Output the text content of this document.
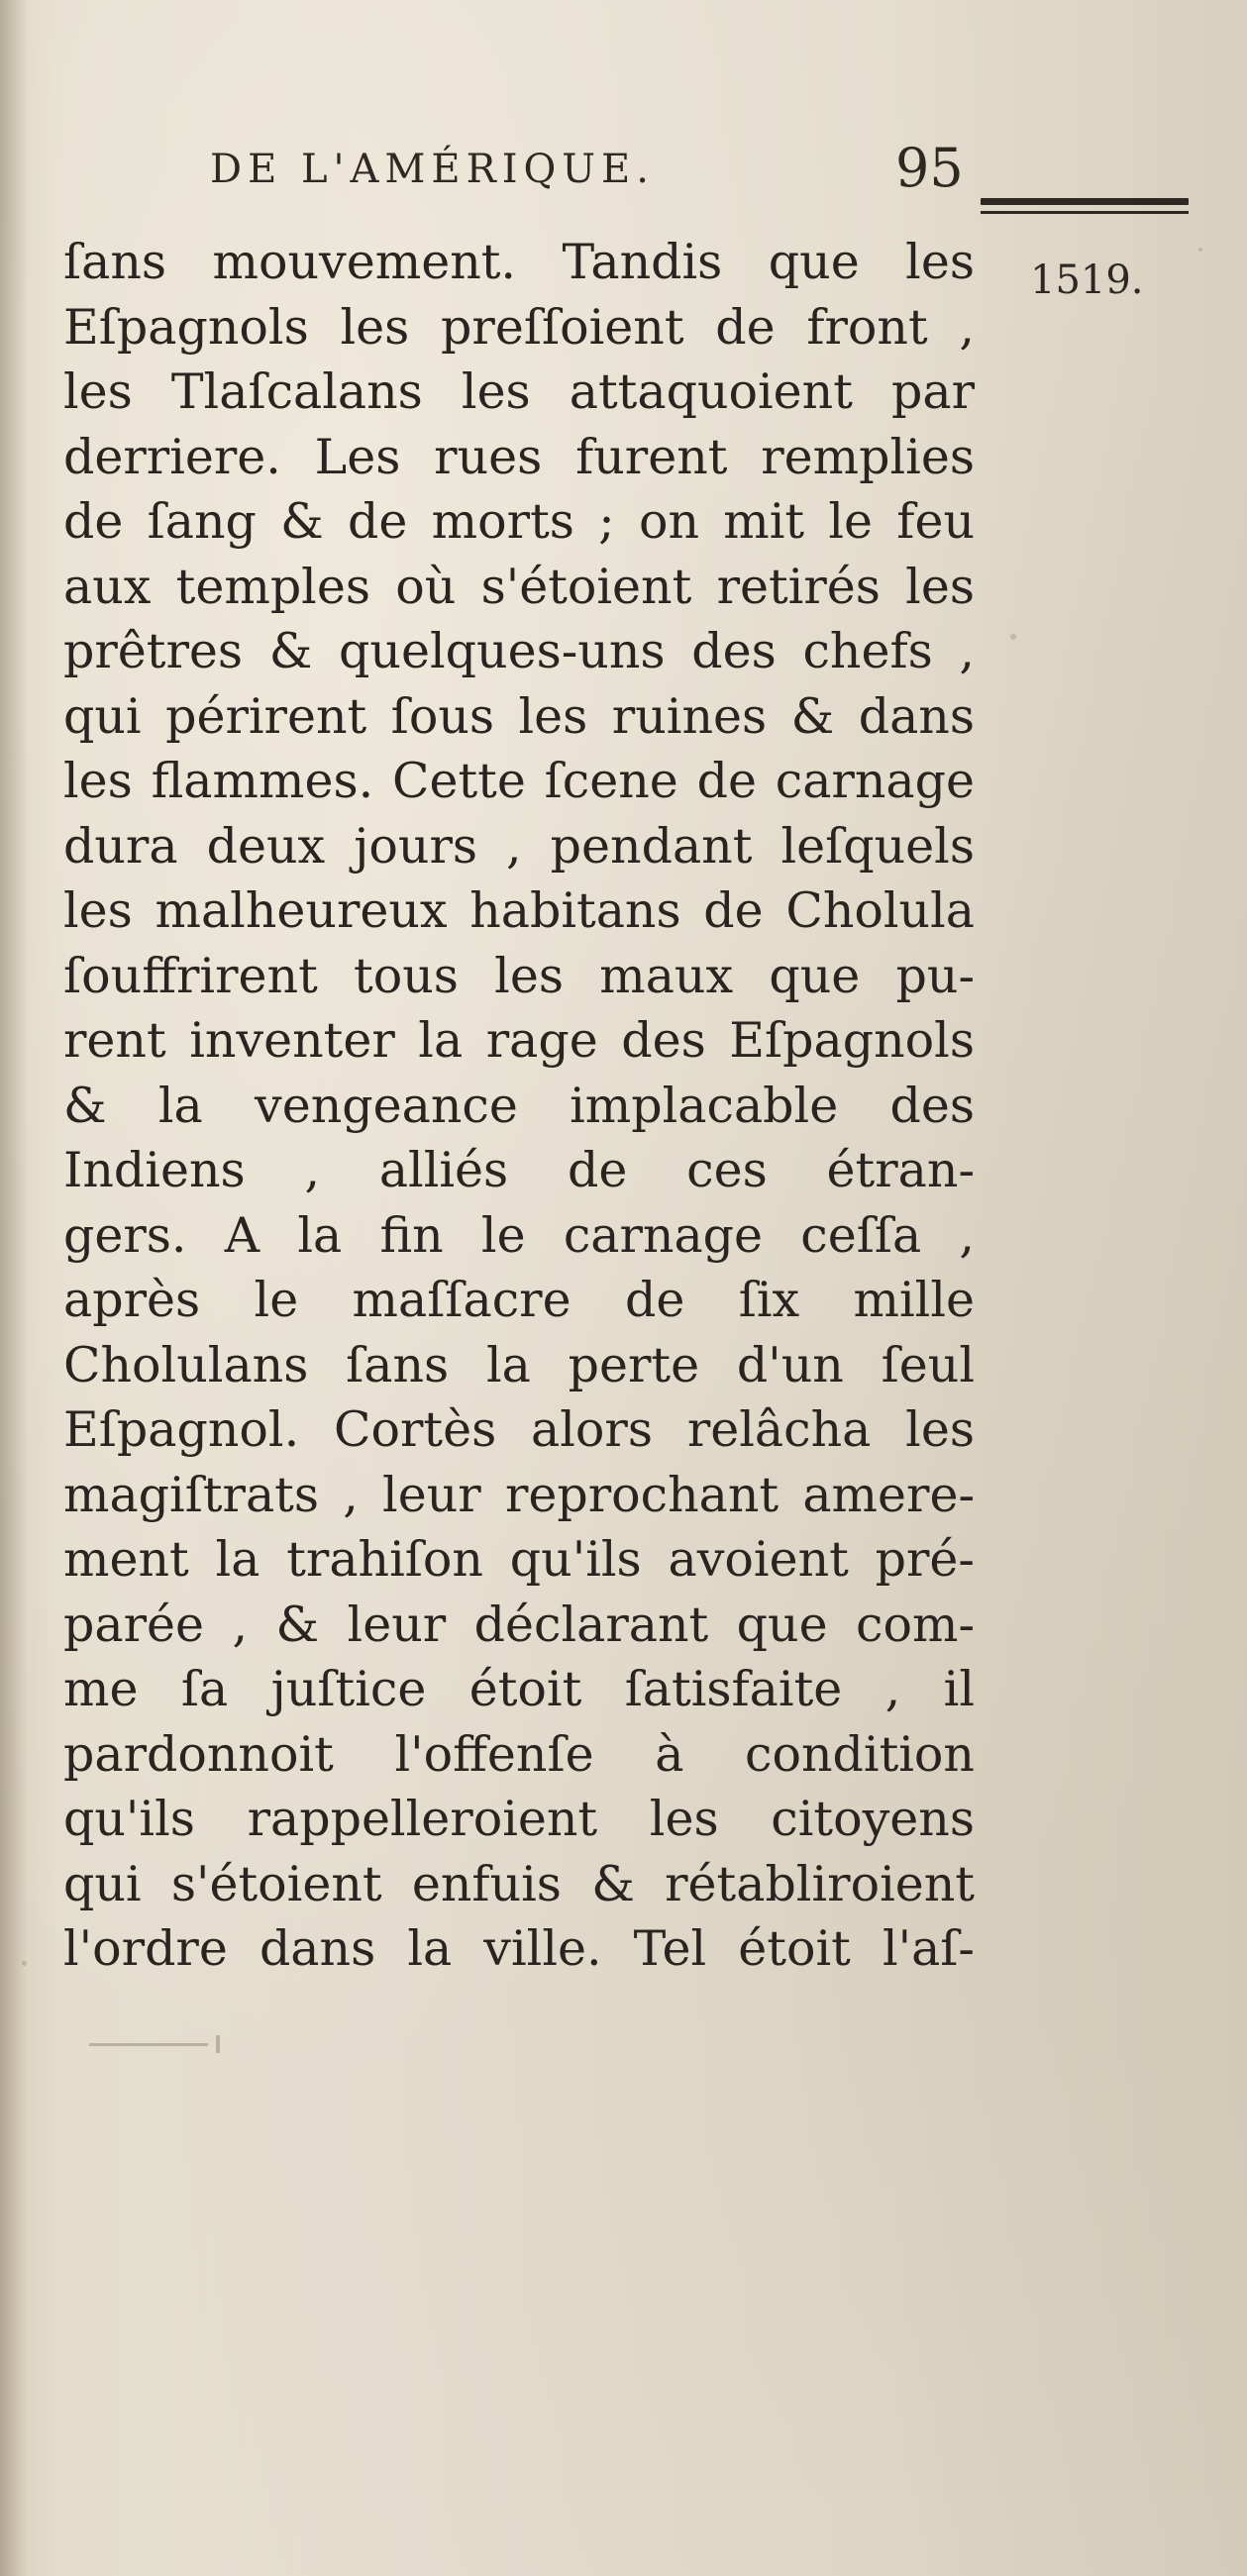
DE L'AMÉRIQUE.	95
1519.
ſans mouvement. Tandis que les
Eſpagnols les preſſoient de front ,
les Tlaſcalans les attaquoient par
derriere. Les rues furent remplies
de ſang & de morts ; on mit le feu
aux temples où s'étoient retirés les
prêtres & quelques-uns des chefs ,
qui périrent ſous les ruines & dans
les flammes. Cette ſcene de carnage
dura deux jours , pendant leſquels
les malheureux habitans de Cholula
ſouffrirent tous les maux que pu-
rent inventer la rage des Eſpagnols
& la vengeance implacable des
Indiens , alliés de ces étran-
gers. A la fin le carnage ceſſa ,
après le maſſacre de ſix mille
Cholulans ſans la perte d'un ſeul
Eſpagnol. Cortès alors relâcha les
magiſtrats , leur reprochant amere-
ment la trahiſon qu'ils avoient pré-
parée , & leur déclarant que com-
me ſa juſtice étoit ſatisfaite , il
pardonnoit l'offenſe à condition
qu'ils rappelleroient les citoyens
qui s'étoient enfuis & rétabliroient
l'ordre dans la ville. Tel étoit l'aſ-
